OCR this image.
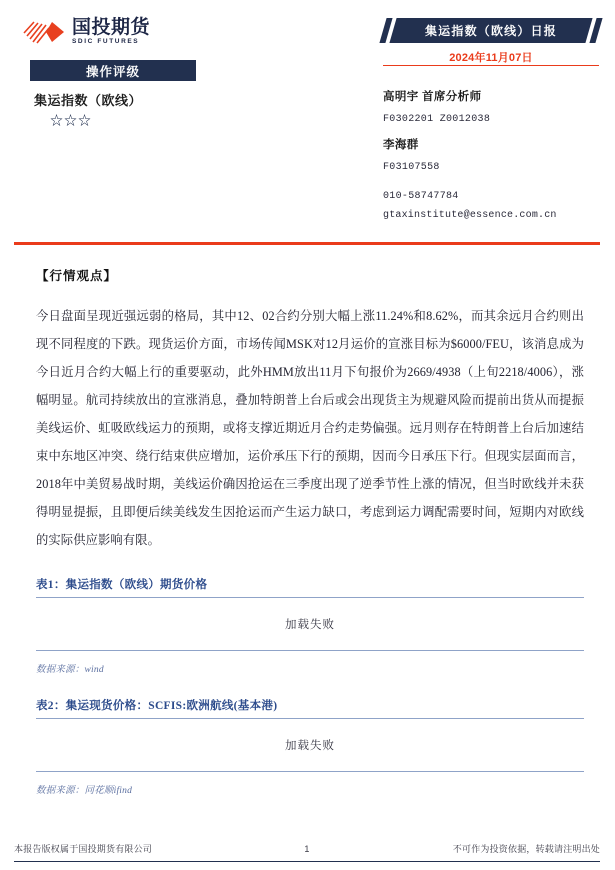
国投期货
SDIC FUTURES
操作评级
集运指数（欧线）
☆☆☆
集运指数（欧线）日报
2024年11月07日
高明宇 首席分析师
F0302201 Z0012038
李海群
F03107558
010-58747784
gtaxinstitute@essence.com.cn
【行情观点】
今日盘面呈现近强远弱的格局，其中12、02合约分别大幅上涨11.24%和8.62%，而其余远月合约则出现不同程度的下跌。现货运价方面，市场传闻MSK对12月运价的宣涨目标为$6000/FEU，该消息成为今日近月合约大幅上行的重要驱动，此外HMM放出11月下旬报价为2669/4938（上旬2218/4006），涨幅明显。航司持续放出的宣涨消息，叠加特朗普上台后或会出现货主为规避风险而提前出货从而提振美线运价、虹吸欧线运力的预期，或将支撑近期近月合约走势偏强。远月则存在特朗普上台后加速结束中东地区冲突、绕行结束供应增加，运价承压下行的预期，因而今日承压下行。但现实层面而言，2018年中美贸易战时期，美线运价确因抢运在三季度出现了逆季节性上涨的情况，但当时欧线并未获得明显提振，且即便后续美线发生因抢运而产生运力缺口，考虑到运力调配需要时间，短期内对欧线的实际供应影响有限。
表1：集运指数（欧线）期货价格
加载失败
数据来源：wind
表2：集运现货价格：SCFIS:欧洲航线(基本港)
加载失败
数据来源：同花顺ifind
本报告版权属于国投期货有限公司	1	不可作为投资依据，转载请注明出处
